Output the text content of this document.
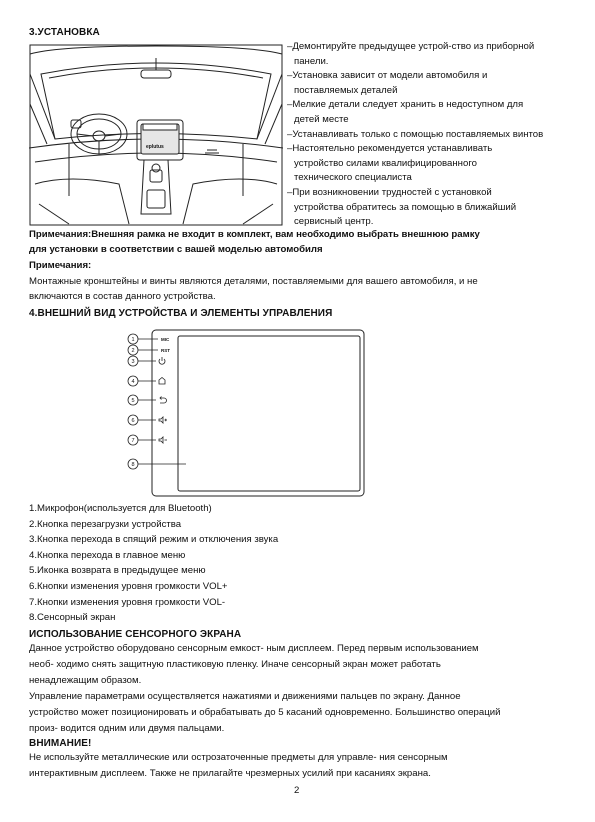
3.УСТАНОВКА
eplutus
–Демонтируйте предыдущее устрой-ство из приборной
панели.
–Установка зависит от модели автомобиля и
поставляемых деталей
–Мелкие детали следует хранить в недоступном для
детей месте
–Устанавливать только с помощью поставляемых винтов
–Настоятельно рекомендуется устанавливать
устройство силами квалифицированного
технического специалиста
–При возникновении трудностей с установкой
устройства обратитесь за помощью в ближайший
сервисный центр.
Примечания:Внешняя рамка не входит в комплект, вам необходимо выбрать внешнюю рамку
для установки в соответствии с вашей моделью автомобиля
Примечания:
Монтажные кронштейны и винты являются деталями, поставляемыми для вашего автомобиля, и не
включаются в состав данного устройства.
4.ВНЕШНИЙ ВИД УСТРОЙСТВА И ЭЛЕМЕНТЫ УПРАВЛЕНИЯ
1
2
3
4
5
6
7
8
MIC
RST
1.Микрофон(используется для Bluetooth)
2.Кнопка перезагрузки устройства
3.Кнопка перехода в спящий режим и отключения звука
4.Кнопка перехода в главное меню
5.Иконка возврата в предыдущее меню
6.Кнопки изменения уровня громкости VOL+
7.Кнопки изменения уровня громкости VOL-
8.Сенсорный экран
ИСПОЛЬЗОВАНИЕ СЕНСОРНОГО ЭКРАНА
Данное устройство оборудовано сенсорным емкост- ным дисплеем. Перед первым использованием
необ- ходимо снять защитную пластиковую пленку. Иначе сенсорный экран может работать
ненадлежащим образом.
Управление параметрами осуществляется нажатиями и движениями пальцев по экрану. Данное
устройство может позиционировать и обрабатывать до 5 касаний одновременно. Большинство операций
произ- водится одним или двумя пальцами.
ВНИМАНИЕ!
Не используйте металлические или острозаточенные предметы для управле- ния сенсорным
интерактивным дисплеем. Также не прилагайте чрезмерных усилий при касаниях экрана.
2
